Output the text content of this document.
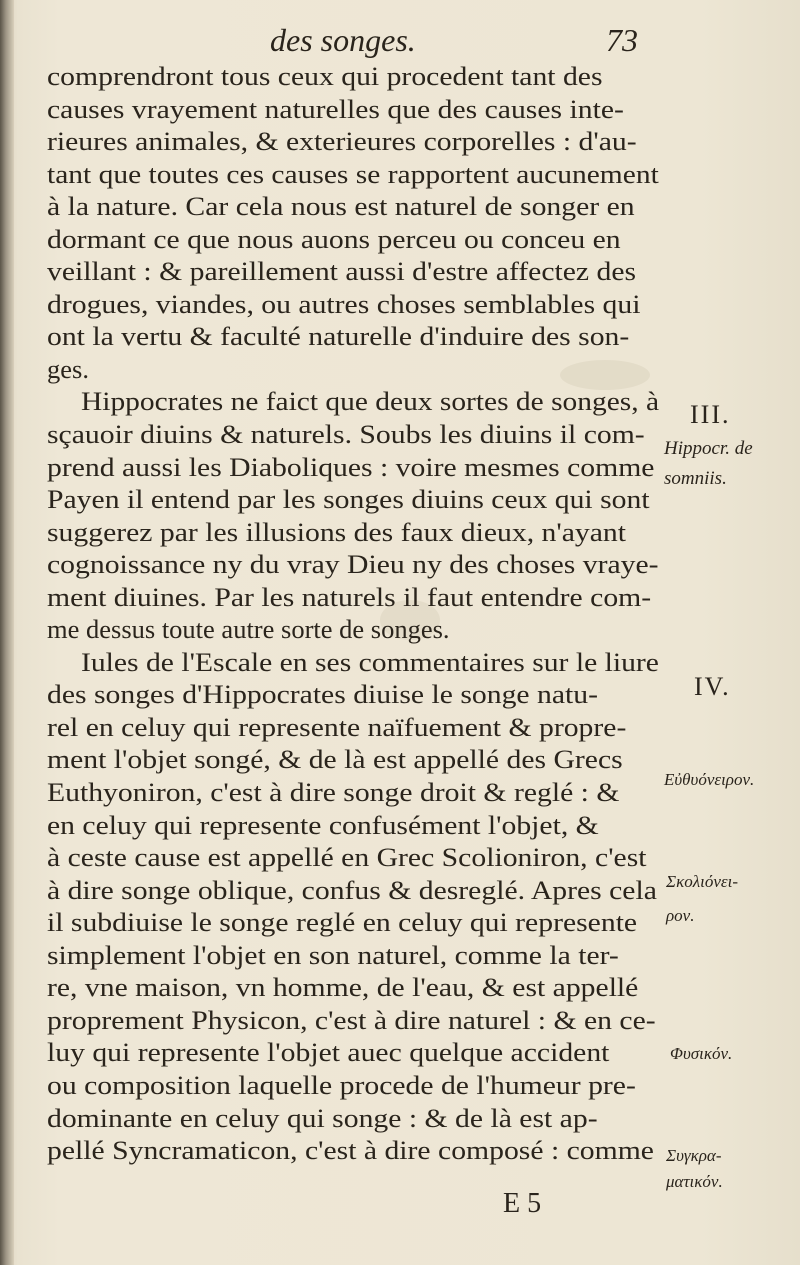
des songes.	73
comprendront tous ceux qui procedent tant des
causes vrayement naturelles que des causes inte-
rieures animales, & exterieures corporelles : d'au-
tant que toutes ces causes se rapportent aucunement
à la nature. Car cela nous est naturel de songer en
dormant ce que nous auons perceu ou conceu en
veillant : & pareillement aussi d'estre affectez des
drogues, viandes, ou autres choses semblables qui
ont la vertu & faculté naturelle d'induire des son-
ges.
Hippocrates ne faict que deux sortes de songes, à
sçauoir diuins & naturels. Soubs les diuins il com-
prend aussi les Diaboliques : voire mesmes comme
Payen il entend par les songes diuins ceux qui sont
suggerez par les illusions des faux dieux, n'ayant
cognoissance ny du vray Dieu ny des choses vraye-
ment diuines. Par les naturels il faut entendre com-
me dessus toute autre sorte de songes.
Iules de l'Escale en ses commentaires sur le liure
des songes d'Hippocrates diuise le songe natu-
rel en celuy qui represente naïfuement & propre-
ment l'objet songé, & de là est appellé des Grecs
Euthyoniron, c'est à dire songe droit & reglé : &
en celuy qui represente confusément l'objet, &
à ceste cause est appellé en Grec Scolioniron, c'est
à dire songe oblique, confus & desreglé. Apres cela
il subdiuise le songe reglé en celuy qui represente
simplement l'objet en son naturel, comme la ter-
re, vne maison, vn homme, de l'eau, & est appellé
proprement Physicon, c'est à dire naturel : & en ce-
luy qui represente l'objet auec quelque accident
ou composition laquelle procede de l'humeur pre-
dominante en celuy qui songe : & de là est ap-
pellé Syncramaticon, c'est à dire composé : comme
III.
Hippocr. de
somniis.
IV.
Εὐθυόνειρον.
Σκολιόνει-
ρον.
Φυσικόν.
Συγκρα-
ματικόν.
E 5
